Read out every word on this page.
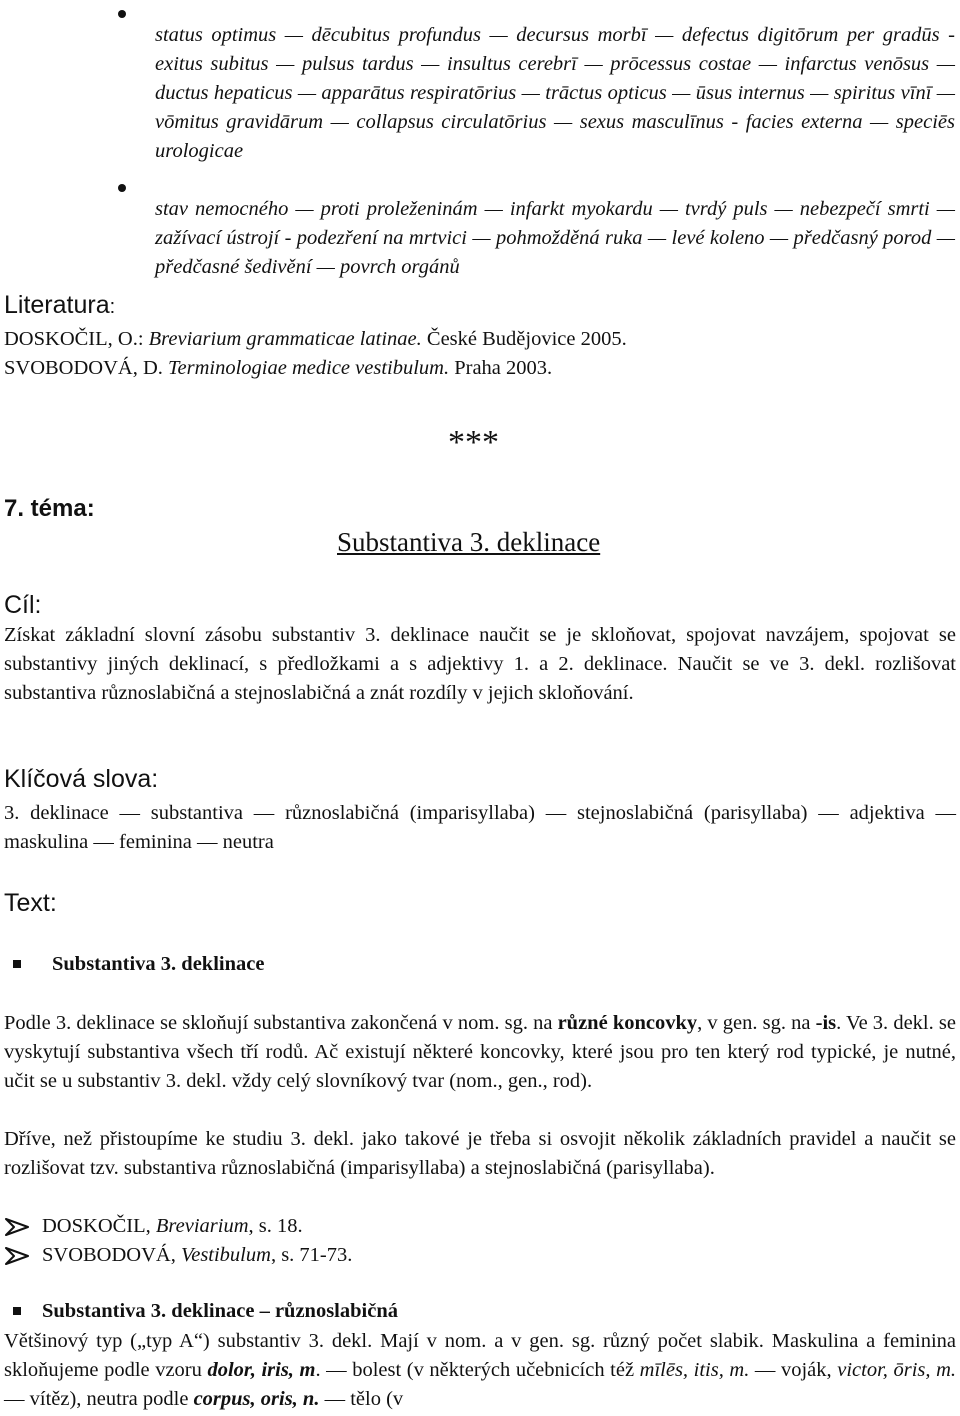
status optimus — dēcubitus profundus — decursus morbī — defectus digitōrum per gradūs - exitus subitus — pulsus tardus — insultus cerebrī — prōcessus costae — infarctus venōsus — ductus hepaticus — apparātus respiratōrius — trāctus opticus — ūsus internus — spiritus vīnī — vōmitus gravidārum — collapsus circulatōrius — sexus masculīnus - facies externa — speciēs urologicae

stav nemocného — proti proleženinám — infarkt myokardu — tvrdý puls — nebezpečí smrti — zažívací ústrojí - podezření na mrtvici — pohmožděná ruka — levé koleno — předčasný porod — předčasné šedivění — povrch orgánů

Literatura:
DOSKOČIL, O.: Breviarium grammaticae latinae. České Budějovice 2005.
SVOBODOVÁ, D. Terminologiae medice vestibulum. Praha 2003.
***
7. téma:
Substantiva 3. deklinace
Cíl:

Získat základní slovní zásobu substantiv 3. deklinace naučit se je skloňovat, spojovat navzájem, spojovat se substantivy jiných deklinací, s předložkami a s adjektivy 1. a 2. deklinace. Naučit se ve 3. dekl. rozlišovat substantiva různoslabičná a stejnoslabičná a znát rozdíly v jejich skloňování.

Klíčová slova:

3. deklinace — substantiva — různoslabičná (imparisyllaba) — stejnoslabičná (parisyllaba) — adjektiva — maskulina — feminina — neutra

Text:
Substantiva 3. deklinace

Podle 3. deklinace se skloňují substantiva zakončená v nom. sg. na různé koncovky, v gen. sg. na -is. Ve 3. dekl. se vyskytují substantiva všech tří rodů. Ač existují některé koncovky, které jsou pro ten který rod typické, je nutné, učit se u substantiv 3. dekl. vždy celý slovníkový tvar (nom., gen., rod).

Dříve, než přistoupíme ke studiu 3. dekl. jako takové je třeba si osvojit několik základních pravidel a naučit se rozlišovat tzv. substantiva různoslabičná (imparisyllaba) a stejnoslabičná (parisyllaba).

DOSKOČIL, Breviarium, s. 18.
SVOBODOVÁ, Vestibulum, s. 71-73.
Substantiva 3. deklinace – různoslabičná

Většinový typ („typ A“) substantiv 3. dekl. Mají v nom. a v gen. sg. různý počet slabik. Maskulina a feminina skloňujeme podle vzoru dolor, iris, m. — bolest (v některých učebnicích též mīlēs, itis, m. — voják, victor, ōris, m. — vítěz), neutra podle corpus, oris, n. — tělo (v
